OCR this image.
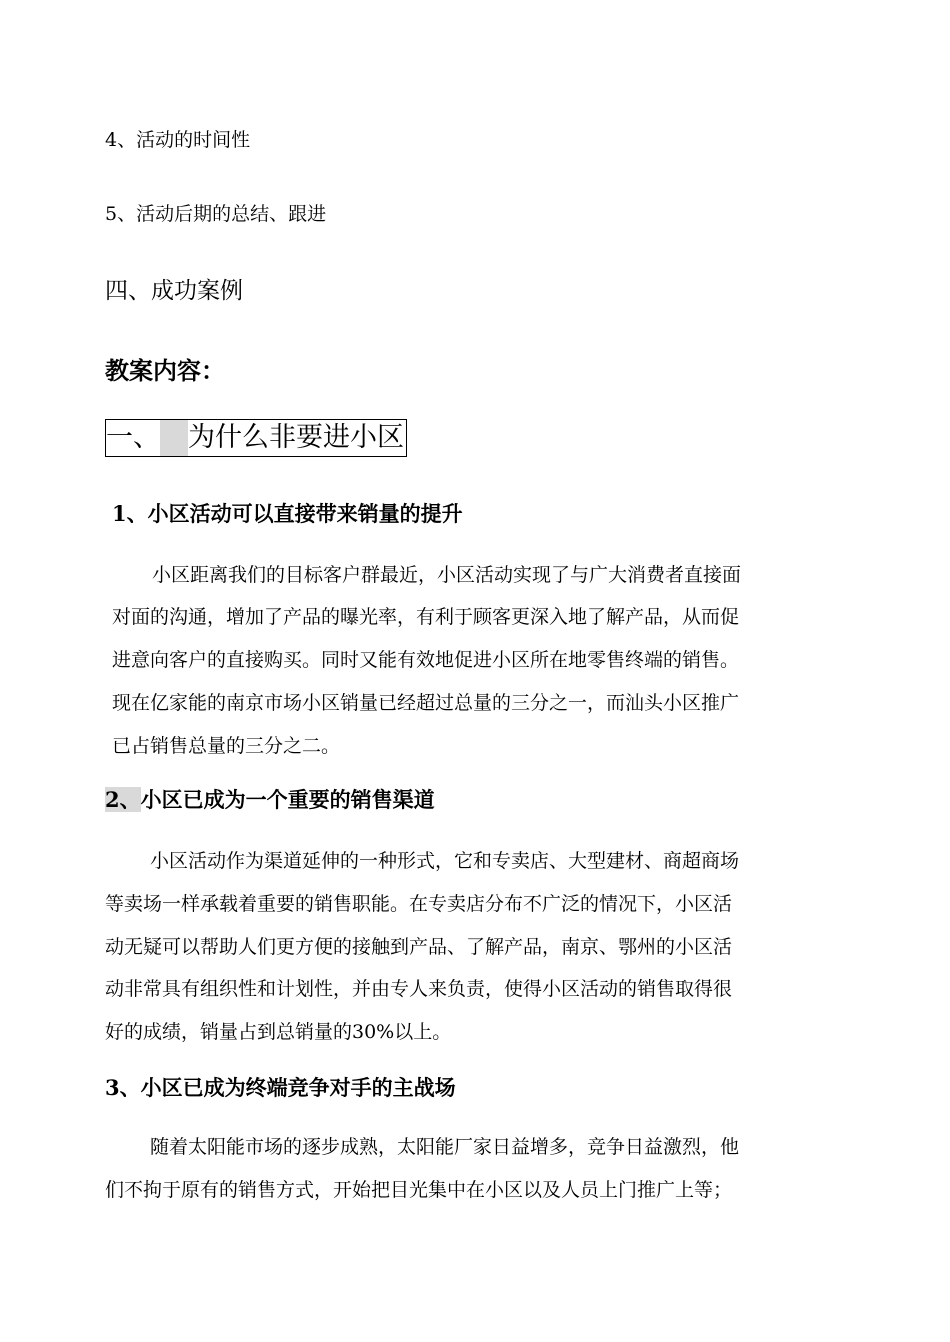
4、活动的时间性
5、活动后期的总结、跟进
四、成功案例
教案内容：
一、 为什么非要进小区
1、小区活动可以直接带来销量的提升
小区距离我们的目标客户群最近，小区活动实现了与广大消费者直接面
对面的沟通，增加了产品的曝光率，有利于顾客更深入地了解产品，从而促
进意向客户的直接购买。同时又能有效地促进小区所在地零售终端的销售。
现在亿家能的南京市场小区销量已经超过总量的三分之一，而汕头小区推广
已占销售总量的三分之二。
2、小区已成为一个重要的销售渠道
小区活动作为渠道延伸的一种形式，它和专卖店、大型建材、商超商场
等卖场一样承载着重要的销售职能。在专卖店分布不广泛的情况下，小区活
动无疑可以帮助人们更方便的接触到产品、了解产品，南京、鄂州的小区活
动非常具有组织性和计划性，并由专人来负责，使得小区活动的销售取得很
好的成绩，销量占到总销量的30%以上。
3、小区已成为终端竞争对手的主战场
随着太阳能市场的逐步成熟，太阳能厂家日益增多，竞争日益激烈，他
们不拘于原有的销售方式，开始把目光集中在小区以及人员上门推广上等；
